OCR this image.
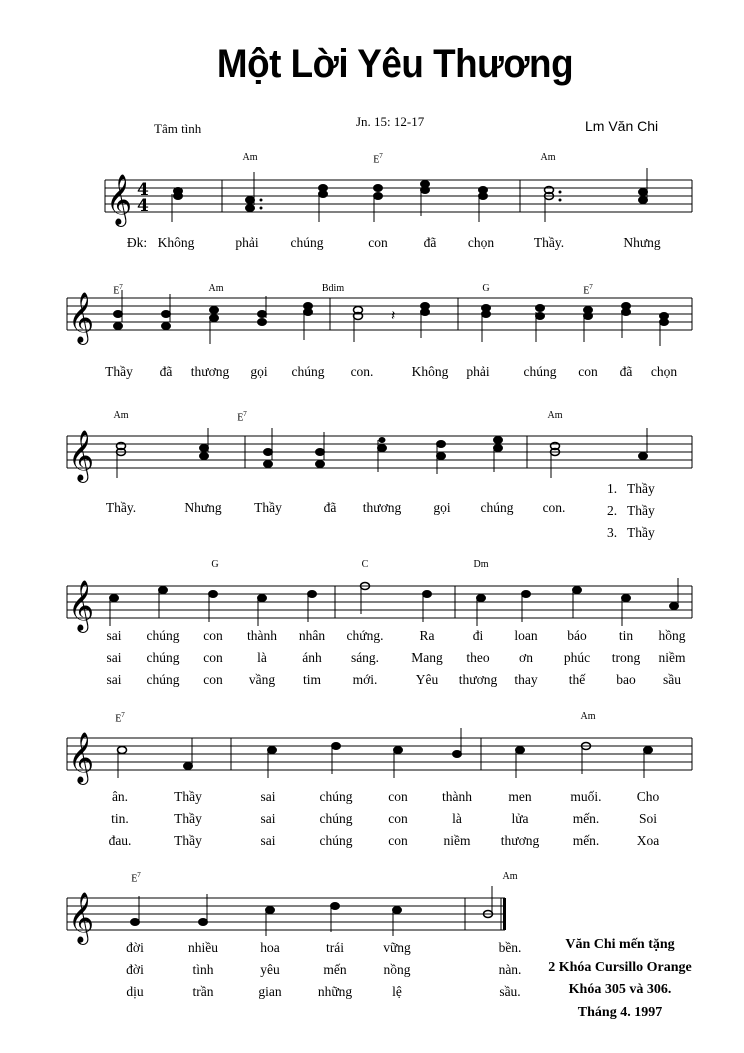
Một Lời Yêu Thương
Tâm tình	Jn. 15: 12-17	Lm Văn Chi
𝄞
𝄞
𝄞
𝄞
𝄞
𝄞
4
4
𝄽
Am	$E^7$	Am
$E^7$	Am	Bdim	G	$E^7$
Am	$E^7$	Am
G	C	Dm
$E^7$	Am
$E^7$	Am
Đk: Không	phải chúng	con	đã chọn	Thầy.	Nhưng
Thầy đã thương gọi chúng con.	Không phải	chúng con đã chọn
Thầy.	Nhưng Thầy	đã thương gọi chúng con.
sai chúng con thành nhân chứng.	Ra	đi loan báo tin hồng
sai chúng con	là	ánh sáng. Mang theo ơn phúc trong niềm
sai chúng con vầng tim mới.	Yêu thương thay thế bao sầu
ân.	Thầy	sai	chúng	con	thành	men	muối.	Cho
tin.	Thầy	sai	chúng	con	là	lửa	mến.	Soi
đau.	Thầy	sai	chúng	con	niềm thương mến.	Xoa
đời	nhiều	hoa	trái	vững	bền.
đời	tình	yêu	mến	nồng	nàn.
dịu	trần	gian	những	lệ	sầu.
1. Thầy
2. Thầy
3. Thầy
Văn Chi mến tặng
2 Khóa Cursillo Orange
Khóa 305 và 306.
Tháng 4. 1997
